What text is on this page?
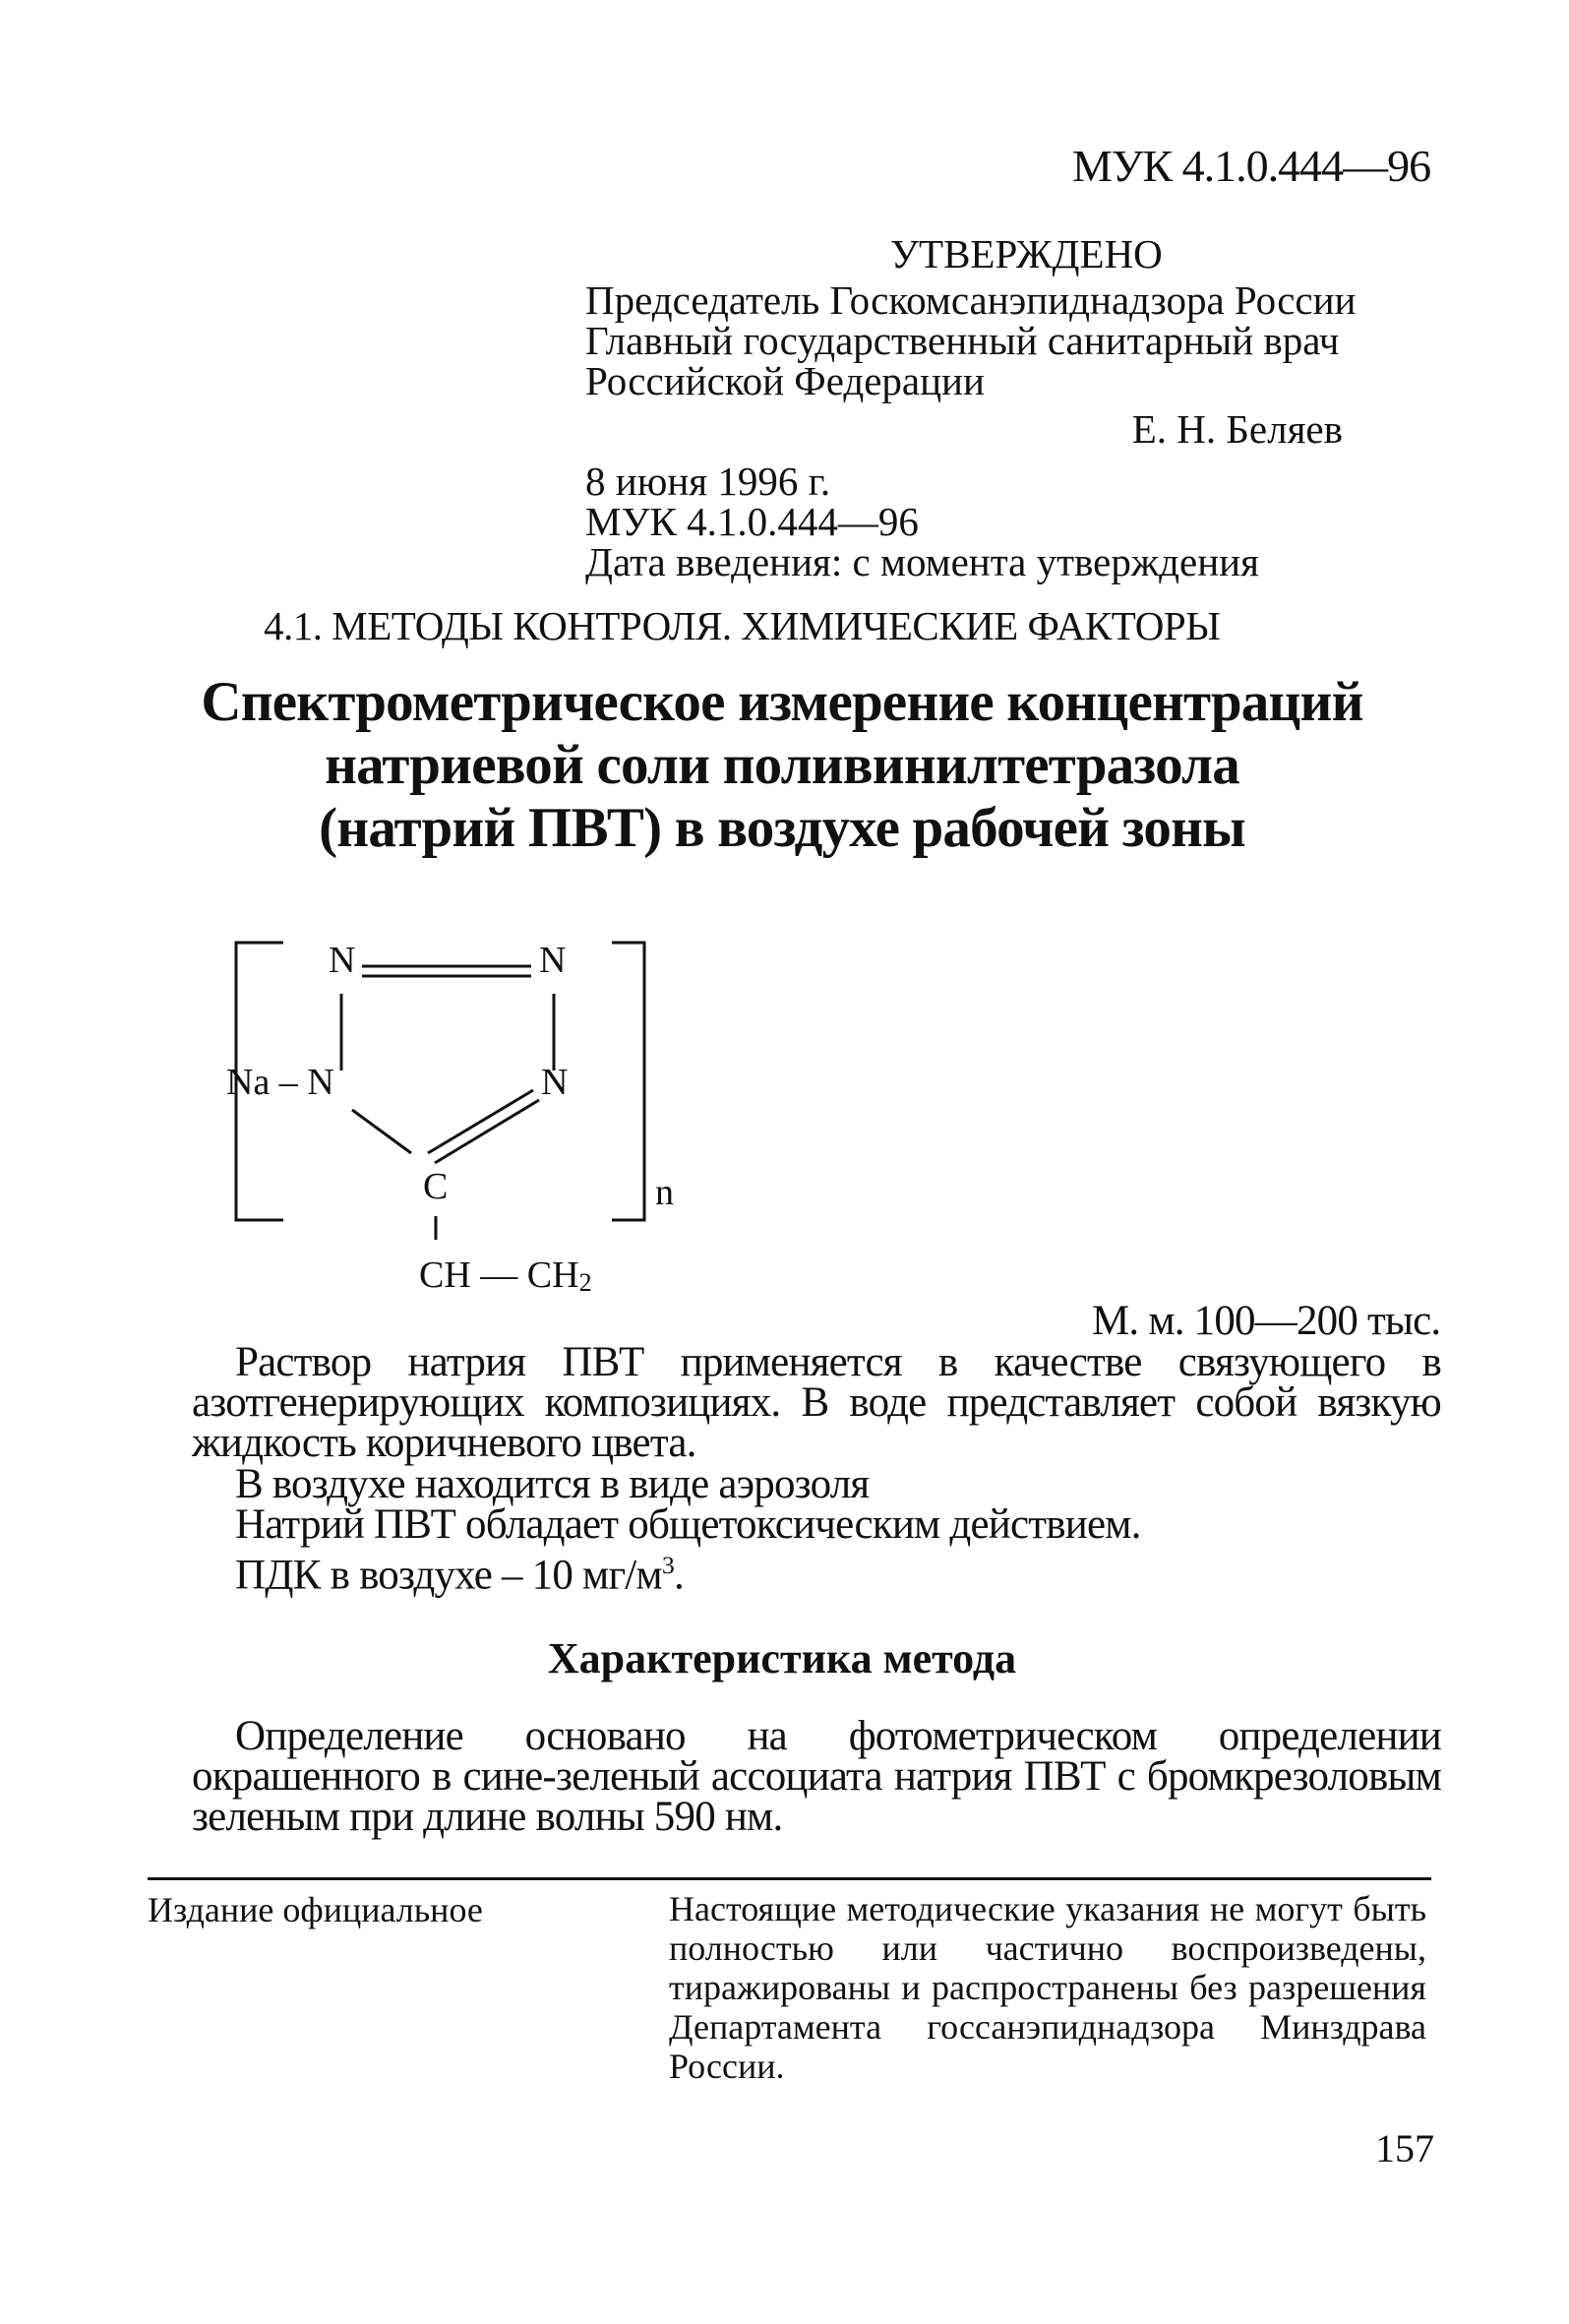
МУК 4.1.0.444—96
УТВЕРЖДЕНО
Председатель Госкомсанэпиднадзора России
Главный государственный санитарный врач
Российской Федерации
Е. Н. Беляев
8 июня 1996 г.
МУК 4.1.0.444—96
Дата введения: с момента утверждения
4.1. МЕТОДЫ КОНТРОЛЯ. ХИМИЧЕСКИЕ ФАКТОРЫ
Спектрометрическое измерение концентраций
натриевой соли поливинилтетразола
(натрий ПВТ) в воздухе рабочей зоны
N	N
Na – N	N
C	n
CH — CH2
М. м. 100—200 тыс.
Раствор натрия ПВТ применяется в качестве связующего в азотгенерирующих композициях. В воде представляет собой вязкую жидкость коричневого цвета.
В воздухе находится в виде аэрозоля
Натрий ПВТ обладает общетоксическим действием.
ПДК в воздухе – 10 $мг/м^3$.
Характеристика метода
Определение основано на фотометрическом определении окрашенного в сине-зеленый ассоциата натрия ПВТ с бромкрезоловым зеленым при длине волны 590 нм.
Издание официальное	Настоящие методические указания не могут быть полностью или частично воспроизведены, тиражированы и распространены без разрешения Департамента госсанэпиднадзора Минздрава России.
157
